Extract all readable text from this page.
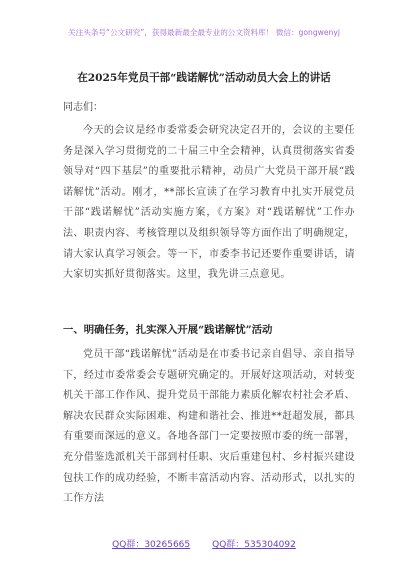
关注头条号“公文研究”，获得最新最全最专业的公文资料库！ 微信：gongwenyj
在2025年党员干部“践诺解忧”活动动员大会上的讲话
同志们：

今天的会议是经市委常委会研究决定召开的，会议的主要任务是深入学习贯彻党的二十届三中全会精神，认真贯彻落实省委领导对“四下基层”的重要批示精神，动员广大党员干部开展“践诺解忧”活动。刚才，**部长宣读了在学习教育中扎实开展党员干部“践诺解忧”活动实施方案，《方案》对“践诺解忧”工作办法、职责内容、考核管理以及组织领导等方面作出了明确规定，请大家认真学习领会。等一下，市委李书记还要作重要讲话，请大家切实抓好贯彻落实。这里，我先讲三点意见。

一、明确任务，扎实深入开展“践诺解忧”活动

党员干部“践诺解忧”活动是在市委书记亲自倡导、亲自指导下，经过市委常委会专题研究确定的。开展好这项活动，对转变机关干部工作作风、提升党员干部能力素质化解农村社会矛盾、解决农民群众实际困难、构建和谐社会、推进**赶超发展，都具有重要而深远的意义。各地各部门一定要按照市委的统一部署，充分借鉴选派机关干部到村任职、灾后重建包村、乡村振兴建设包扶工作的成功经验，不断丰富活动内容、活动形式，以扎实的工作方法

QQ群：30265665 QQ群：535304092
